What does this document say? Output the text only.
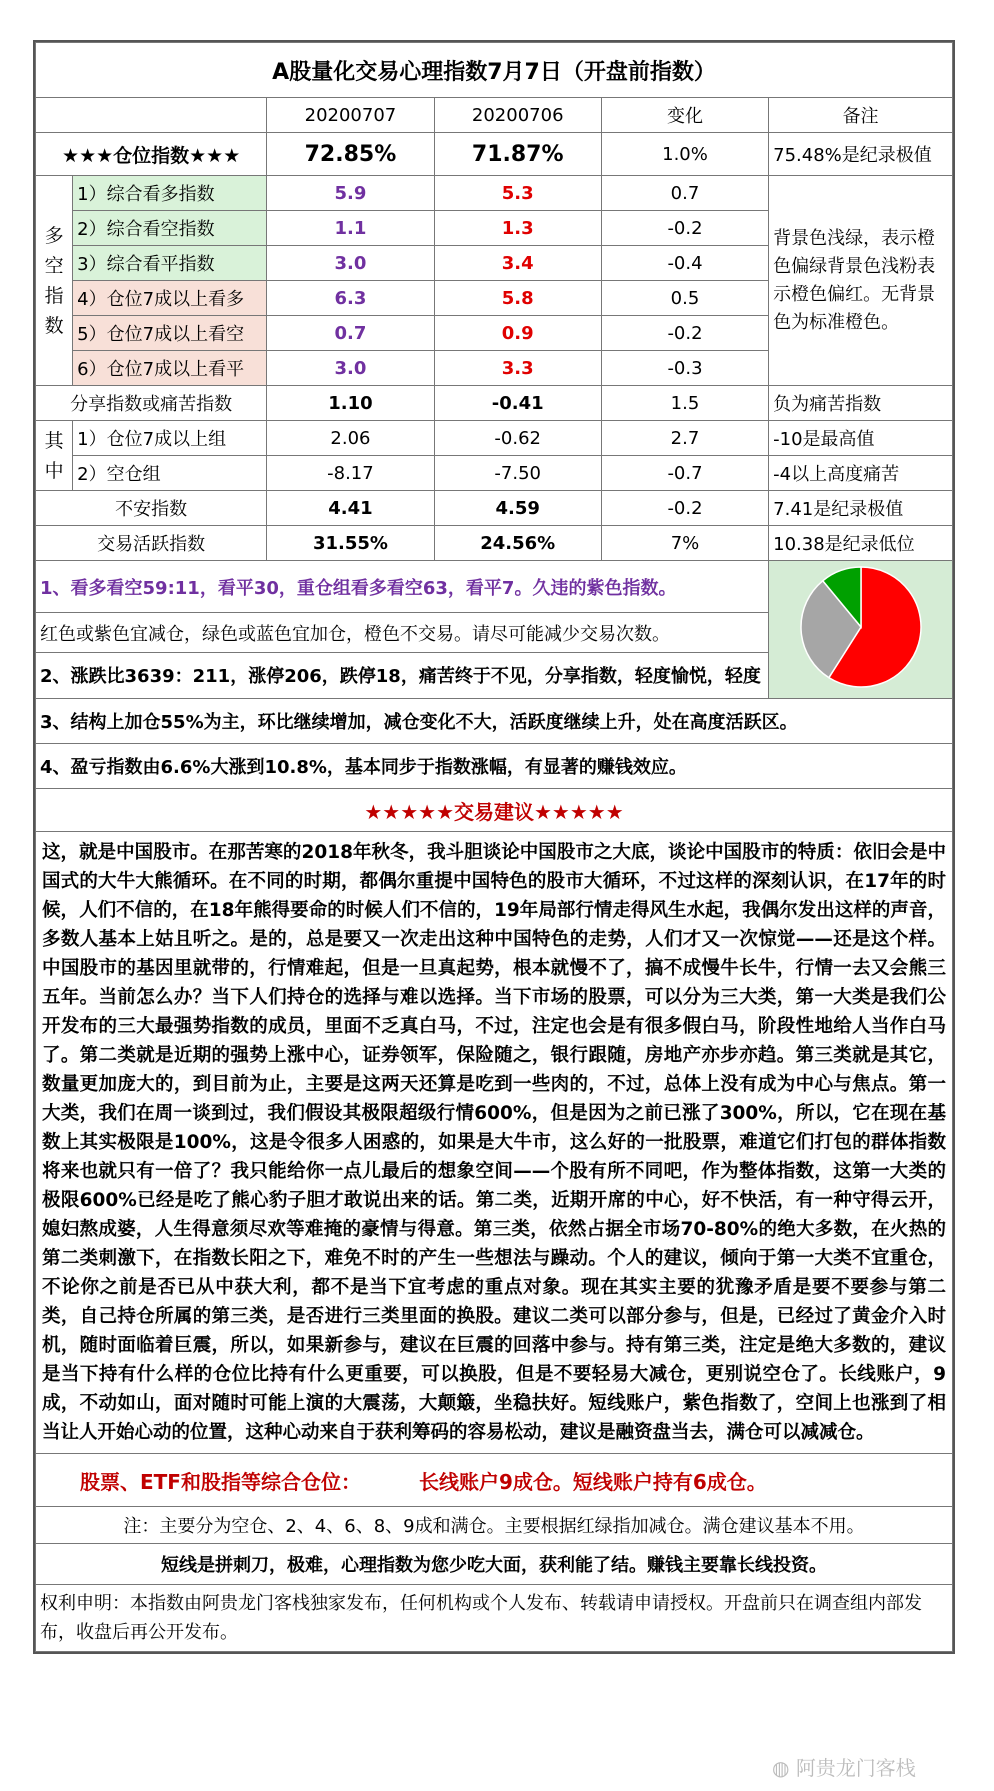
A股量化交易心理指数7月7日（开盘前指数）					
		20200707	20200706	变化	备注
★★★仓位指数★★★		72.85%	71.87%	1.0%	75.48%是纪录极值
多空指数	1）综合看多指数	5.9	5.3	0.7	背景色浅绿，表示橙色偏绿背景色浅粉表示橙色偏红。无背景色为标准橙色。
	2）综合看空指数	1.1	1.3	-0.2	
	3）综合看平指数	3.0	3.4	-0.4	
	4）仓位7成以上看多	6.3	5.8	0.5	
	5）仓位7成以上看空	0.7	0.9	-0.2	
	6）仓位7成以上看平	3.0	3.3	-0.3	
分享指数或痛苦指数		1.10	-0.41	1.5	负为痛苦指数
其中	1）仓位7成以上组	2.06	-0.62	2.7	-10是最高值
	2）空仓组	-8.17	-7.50	-0.7	-4以上高度痛苦
不安指数		4.41	4.59	-0.2	7.41是纪录极值
交易活跃指数		31.55%	24.56%	7%	10.38是纪录低位
1、看多看空59:11，看平30，重仓组看多看空63，看平7。久违的紫色指数。	
红色或紫色宜减仓，绿色或蓝色宜加仓，橙色不交易。请尽可能减少交易次数。					
2、涨跌比3639：211，涨停206，跌停18，痛苦终于不见，分享指数，轻度愉悦，轻度					
3、结构上加仓55%为主，环比继续增加，减仓变化不大，活跃度继续上升，处在高度活跃区。					
4、盈亏指数由6.6%大涨到10.8%，基本同步于指数涨幅，有显著的赚钱效应。					
★★★★★交易建议★★★★★					
这，就是中国股市。在那苦寒的2018年秋冬，我斗胆谈论中国股市之大底，谈论中国股市的特质：依旧会是中国式的大牛大熊循环。在不同的时期，都偶尔重提中国特色的股市大循环，不过这样的深刻认识，在17年的时候，人们不信的，在18年熊得要命的时候人们不信的，19年局部行情走得风生水起，我偶尔发出这样的声音，多数人基本上姑且听之。是的，总是要又一次走出这种中国特色的走势，人们才又一次惊觉——还是这个样。中国股市的基因里就带的，行情难起，但是一旦真起势，根本就慢不了，搞不成慢牛长牛，行情一去又会熊三五年。当前怎么办？当下人们持仓的选择与难以选择。当下市场的股票，可以分为三大类，第一大类是我们公开发布的三大最强势指数的成员，里面不乏真白马，不过，注定也会是有很多假白马，阶段性地给人当作白马了。第二类就是近期的强势上涨中心，证券领军，保险随之，银行跟随，房地产亦步亦趋。第三类就是其它，数量更加庞大的，到目前为止，主要是这两天还算是吃到一些肉的，不过，总体上没有成为中心与焦点。第一大类，我们在周一谈到过，我们假设其极限超级行情600%，但是因为之前已涨了300%，所以，它在现在基数上其实极限是100%，这是令很多人困惑的，如果是大牛市，这么好的一批股票，难道它们打包的群体指数将来也就只有一倍了？我只能给你一点儿最后的想象空间——个股有所不同吧，作为整体指数，这第一大类的极限600%已经是吃了熊心豹子胆才敢说出来的话。第二类，近期开席的中心，好不快活，有一种守得云开，媳妇熬成婆，人生得意须尽欢等难掩的豪情与得意。第三类，依然占据全市场70-80%的绝大多数，在火热的第二类刺激下，在指数长阳之下，难免不时的产生一些想法与躁动。个人的建议，倾向于第一大类不宜重仓，不论你之前是否已从中获大利，都不是当下宜考虑的重点对象。现在其实主要的犹豫矛盾是要不要参与第二类，自己持仓所属的第三类，是否进行三类里面的换股。建议二类可以部分参与，但是，已经过了黄金介入时机，随时面临着巨震，所以，如果新参与，建议在巨震的回落中参与。持有第三类，注定是绝大多数的，建议是当下持有什么样的仓位比持有什么更重要，可以换股，但是不要轻易大减仓，更别说空仓了。长线账户，9成，不动如山，面对随时可能上演的大震荡，大颠簸，坐稳扶好。短线账户，紫色指数了，空间上也涨到了相当让人开始心动的位置，这种心动来自于获利筹码的容易松动，建议是融资盘当去，满仓可以减减仓。					
股票、ETF和股指等综合仓位： 长线账户9成仓。短线账户持有6成仓。					
注：主要分为空仓、2、4、6、8、9成和满仓。主要根据红绿指加减仓。满仓建议基本不用。					
短线是拼刺刀，极难，心理指数为您少吃大面，获利能了结。赚钱主要靠长线投资。					
权利申明：本指数由阿贵龙门客栈独家发布，任何机构或个人发布、转载请申请授权。开盘前只在调查组内部发布，收盘后再公开发布。					
◍ 阿贵龙门客栈
